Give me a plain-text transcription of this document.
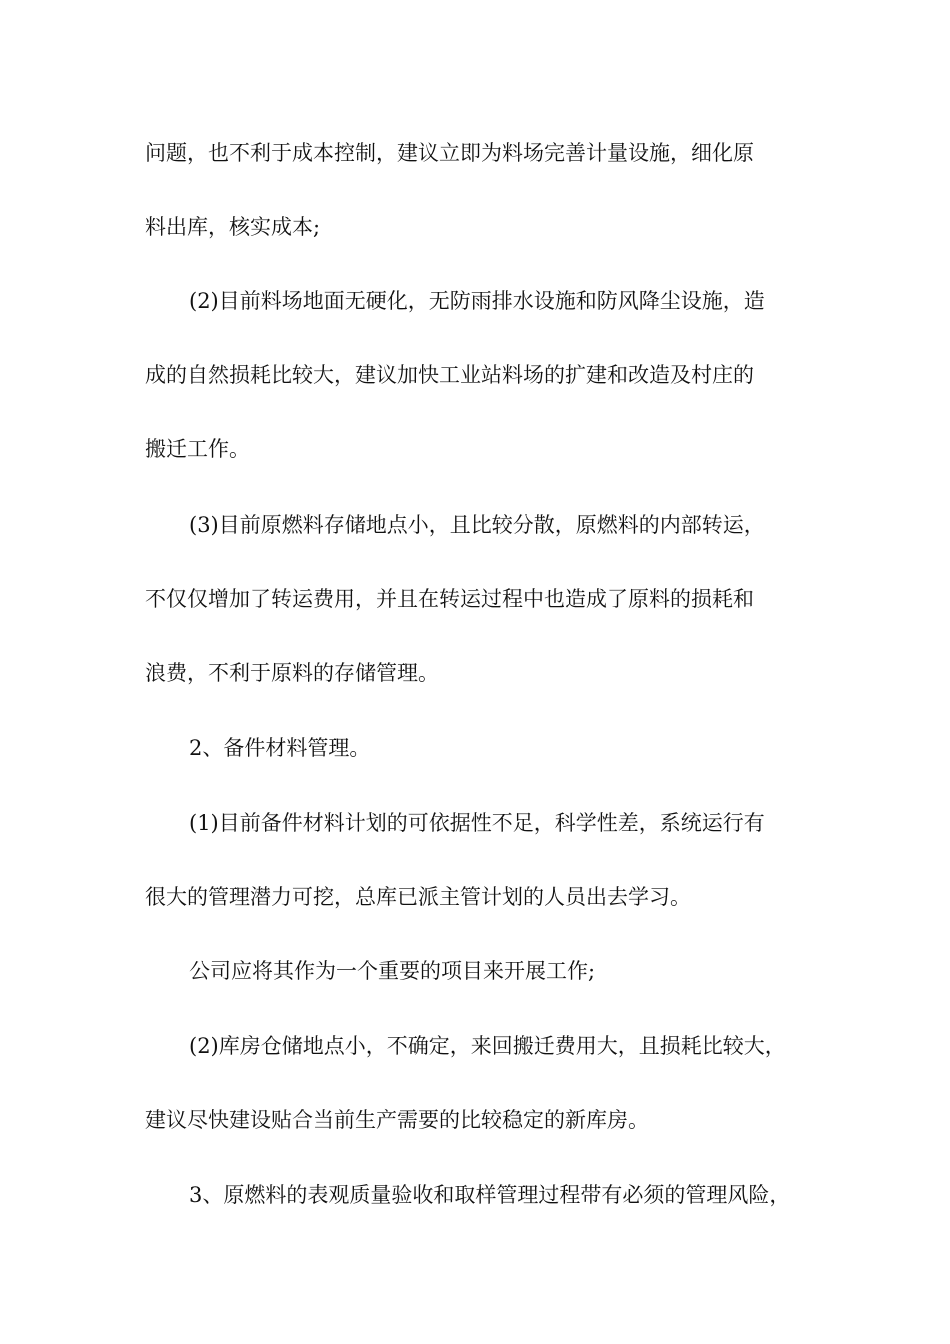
问题，也不利于成本控制，建议立即为料场完善计量设施，细化原
料出库，核实成本;
(2)目前料场地面无硬化，无防雨排水设施和防风降尘设施，造
成的自然损耗比较大，建议加快工业站料场的扩建和改造及村庄的
搬迁工作。
(3)目前原燃料存储地点小，且比较分散，原燃料的内部转运，
不仅仅增加了转运费用，并且在转运过程中也造成了原料的损耗和
浪费，不利于原料的存储管理。
2、备件材料管理。
(1)目前备件材料计划的可依据性不足，科学性差，系统运行有
很大的管理潜力可挖，总库已派主管计划的人员出去学习。
公司应将其作为一个重要的项目来开展工作;
(2)库房仓储地点小，不确定，来回搬迁费用大，且损耗比较大，
建议尽快建设贴合当前生产需要的比较稳定的新库房。
3、原燃料的表观质量验收和取样管理过程带有必须的管理风险，
